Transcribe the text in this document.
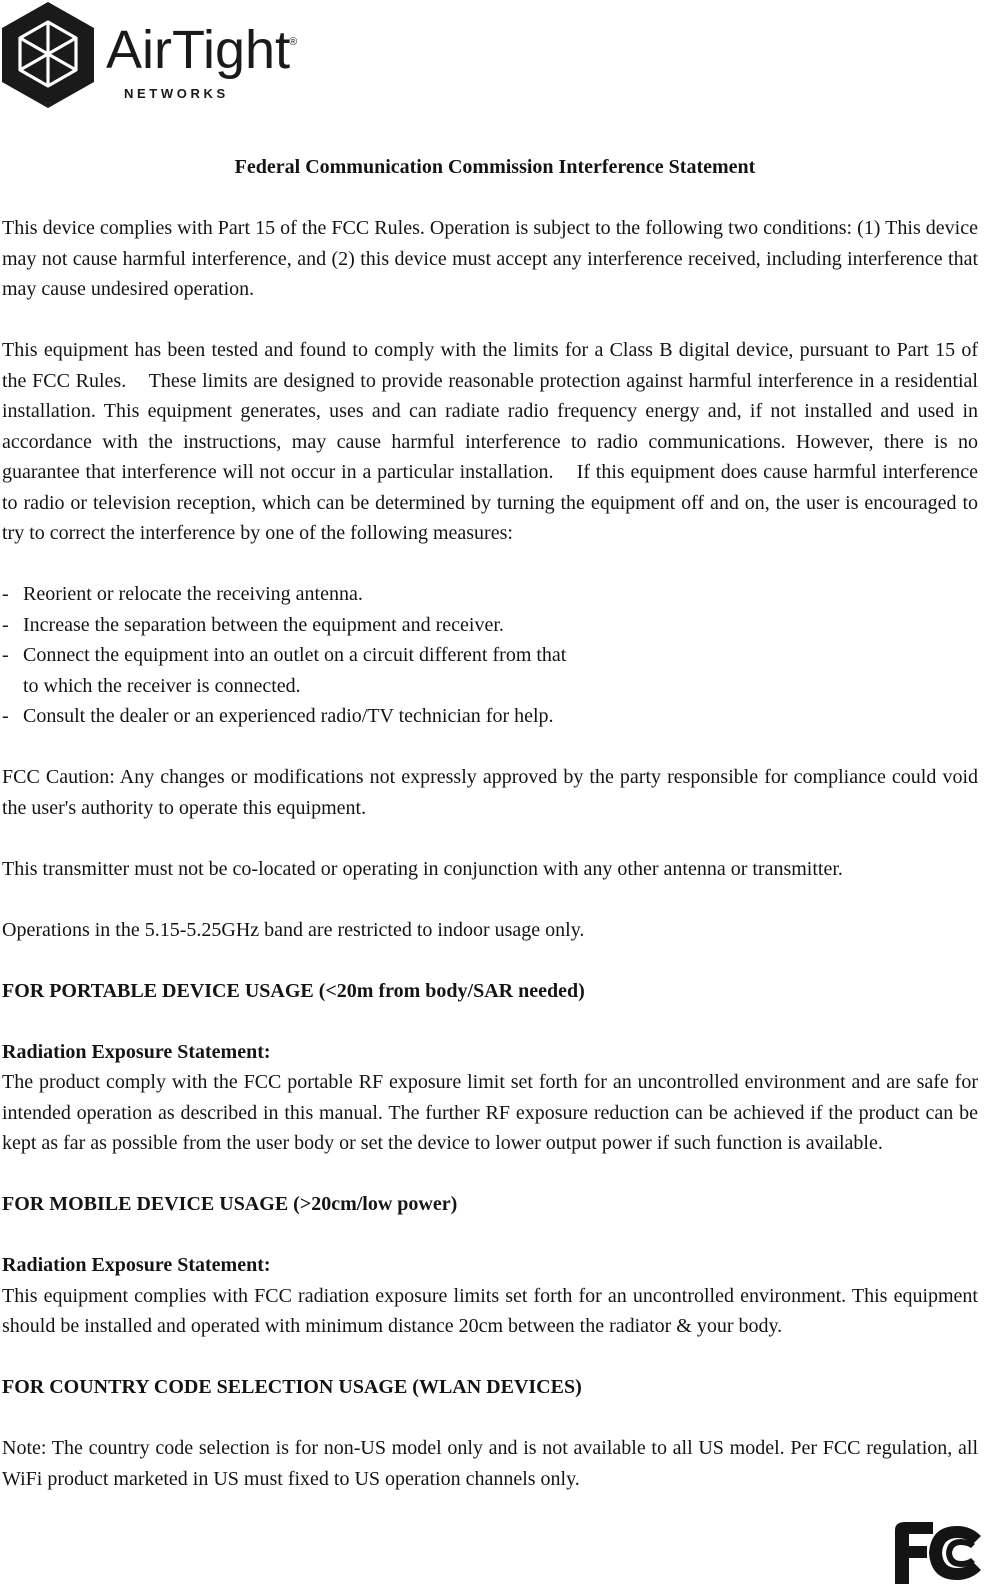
AirTight
®
N E T W O R K S
Federal Communication Commission Interference Statement

This device complies with Part 15 of the FCC Rules. Operation is subject to the following two conditions: (1) This device may not cause harmful interference, and (2) this device must accept any interference received, including interference that may cause undesired operation.

This equipment has been tested and found to comply with the limits for a Class B digital device, pursuant to Part 15 of the FCC Rules.    These limits are designed to provide reasonable protection against harmful interference in a residential installation. This equipment generates, uses and can radiate radio frequency energy and, if not installed and used in accordance with the instructions, may cause harmful interference to radio communications. However, there is no guarantee that interference will not occur in a particular installation.    If this equipment does cause harmful interference to radio or television reception, which can be determined by turning the equipment off and on, the user is encouraged to try to correct the interference by one of the following measures:

- Reorient or relocate the receiving antenna.
- Increase the separation between the equipment and receiver.
- Connect the equipment into an outlet on a circuit different from that
to which the receiver is connected.
- Consult the dealer or an experienced radio/TV technician for help.

FCC Caution: Any changes or modifications not expressly approved by the party responsible for compliance could void the user's authority to operate this equipment.

This transmitter must not be co-located or operating in conjunction with any other antenna or transmitter.

Operations in the 5.15-5.25GHz band are restricted to indoor usage only.

FOR PORTABLE DEVICE USAGE (<20m from body/SAR needed)

Radiation Exposure Statement:

The product comply with the FCC portable RF exposure limit set forth for an uncontrolled environment and are safe for intended operation as described in this manual. The further RF exposure reduction can be achieved if the product can be kept as far as possible from the user body or set the device to lower output power if such function is available.

FOR MOBILE DEVICE USAGE (>20cm/low power)

Radiation Exposure Statement:

This equipment complies with FCC radiation exposure limits set forth for an uncontrolled environment. This equipment should be installed and operated with minimum distance 20cm between the radiator & your body.

FOR COUNTRY CODE SELECTION USAGE (WLAN DEVICES)

Note: The country code selection is for non-US model only and is not available to all US model. Per FCC regulation, all WiFi product marketed in US must fixed to US operation channels only.
